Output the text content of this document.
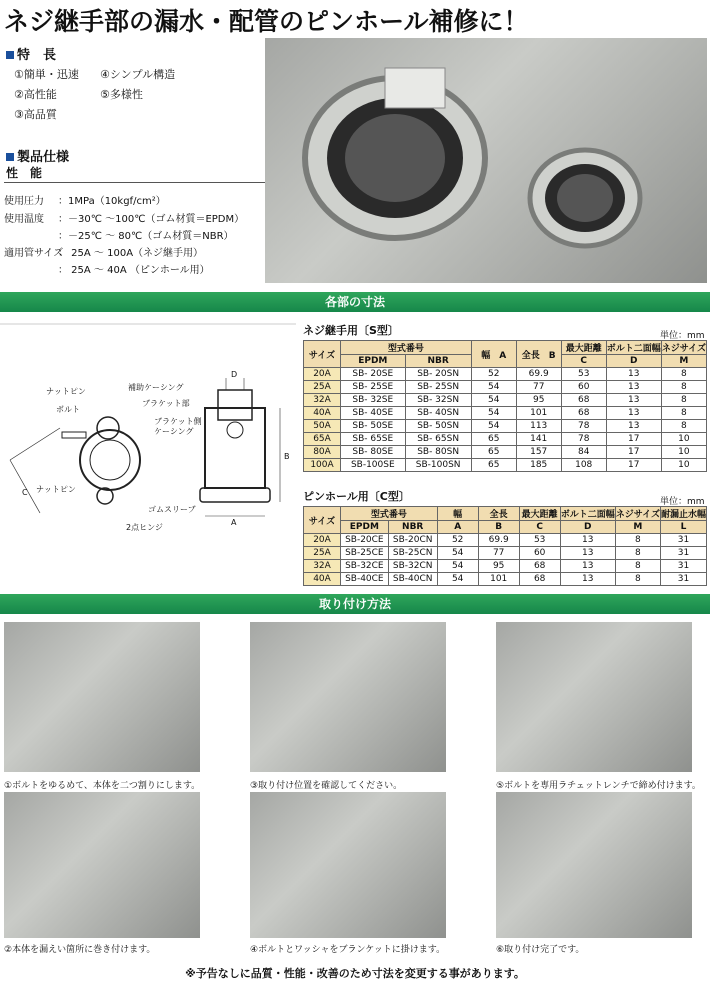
ネジ継手部の漏水・配管のピンホール補修に！
特　長
①簡単・迅速 ④シンプル構造
②高性能	⑤多様性
③高品質
製品仕様
性　能
使用圧力 ：1MPa（10kgf/cm²）
使用温度 ：－30℃ ～100℃（ゴム材質＝EPDM）
：－25℃ ～ 80℃（ゴム材質＝NBR）
適用管サイズ
： 25A ～ 100A（ネジ継手用）
： 25A ～ 40A （ピンホール用）
各部の寸法
ナットピン
ボルト
補助ケーシング
ブラケット部
ブラケット側
ケーシング
ナットピン
ゴムスリーブ
2点ヒンジ
C
D
B
A
ネジ継手用〔S型〕	単位：mm
サイズ	型式番号		幅　A	全長　B	最大距離	ボルト二面幅	ネジサイズ
	EPDM	NBR			C	D	M
20A	SB- 20SE	SB- 20SN	52	69.9	53	13	8
25A	SB- 25SE	SB- 25SN	54	77	60	13	8
32A	SB- 32SE	SB- 32SN	54	95	68	13	8
40A	SB- 40SE	SB- 40SN	54	101	68	13	8
50A	SB- 50SE	SB- 50SN	54	113	78	13	8
65A	SB- 65SE	SB- 65SN	65	141	78	17	10
80A	SB- 80SE	SB- 80SN	65	157	84	17	10
100A	SB-100SE	SB-100SN	65	185	108	17	10
ピンホール用〔C型〕	単位：mm
サイズ	型式番号		幅	全長	最大距離	ボルト二面幅	ネジサイズ	耐漏止水幅
	EPDM	NBR	A	B	C	D	M	L
20A	SB-20CE	SB-20CN	52	69.9	53	13	8	31
25A	SB-25CE	SB-25CN	54	77	60	13	8	31
32A	SB-32CE	SB-32CN	54	95	68	13	8	31
40A	SB-40CE	SB-40CN	54	101	68	13	8	31
取り付け方法
①ボルトをゆるめて、本体を二つ割りにします。	③取り付け位置を確認してください。	⑤ボルトを専用ラチェットレンチで締め付けます。
②本体を漏えい箇所に巻き付けます。	④ボルトとワッシャをブランケットに掛けます。	⑥取り付け完了です。
※予告なしに品質・性能・改善のため寸法を変更する事があります。
